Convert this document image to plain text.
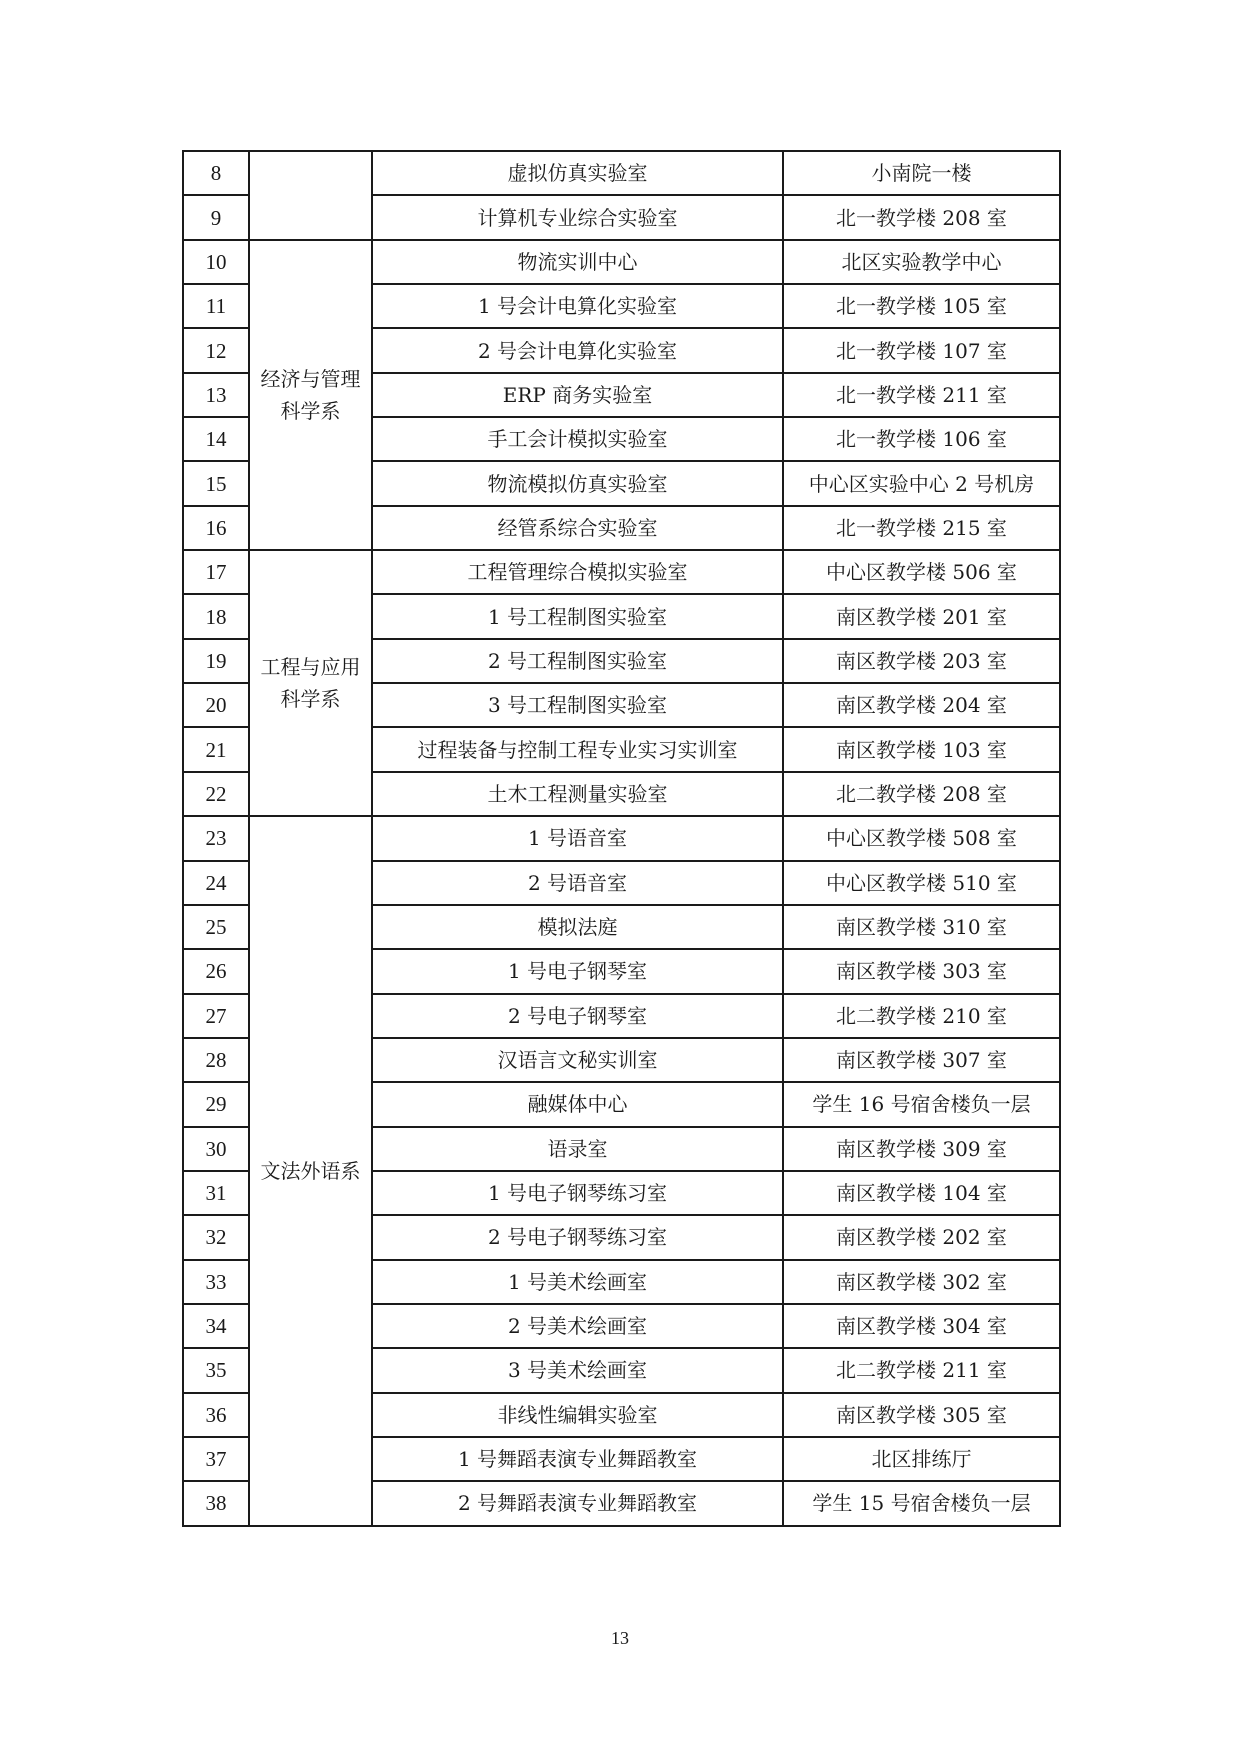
8		虚拟仿真实验室	小南院一楼
9		计算机专业综合实验室	北一教学楼 208 室
10	经济与管理科学系	物流实训中心	北区实验教学中心
11		1 号会计电算化实验室	北一教学楼 105 室
12		2 号会计电算化实验室	北一教学楼 107 室
13		ERP 商务实验室	北一教学楼 211 室
14		手工会计模拟实验室	北一教学楼 106 室
15		物流模拟仿真实验室	中心区实验中心 2 号机房
16		经管系综合实验室	北一教学楼 215 室
17	工程与应用科学系	工程管理综合模拟实验室	中心区教学楼 506 室
18		1 号工程制图实验室	南区教学楼 201 室
19		2 号工程制图实验室	南区教学楼 203 室
20		3 号工程制图实验室	南区教学楼 204 室
21		过程装备与控制工程专业实习实训室	南区教学楼 103 室
22		土木工程测量实验室	北二教学楼 208 室
23	文法外语系	1 号语音室	中心区教学楼 508 室
24		2 号语音室	中心区教学楼 510 室
25		模拟法庭	南区教学楼 310 室
26		1 号电子钢琴室	南区教学楼 303 室
27		2 号电子钢琴室	北二教学楼 210 室
28		汉语言文秘实训室	南区教学楼 307 室
29		融媒体中心	学生 16 号宿舍楼负一层
30		语录室	南区教学楼 309 室
31		1 号电子钢琴练习室	南区教学楼 104 室
32		2 号电子钢琴练习室	南区教学楼 202 室
33		1 号美术绘画室	南区教学楼 302 室
34		2 号美术绘画室	南区教学楼 304 室
35		3 号美术绘画室	北二教学楼 211 室
36		非线性编辑实验室	南区教学楼 305 室
37		1 号舞蹈表演专业舞蹈教室	北区排练厅
38		2 号舞蹈表演专业舞蹈教室	学生 15 号宿舍楼负一层
13
